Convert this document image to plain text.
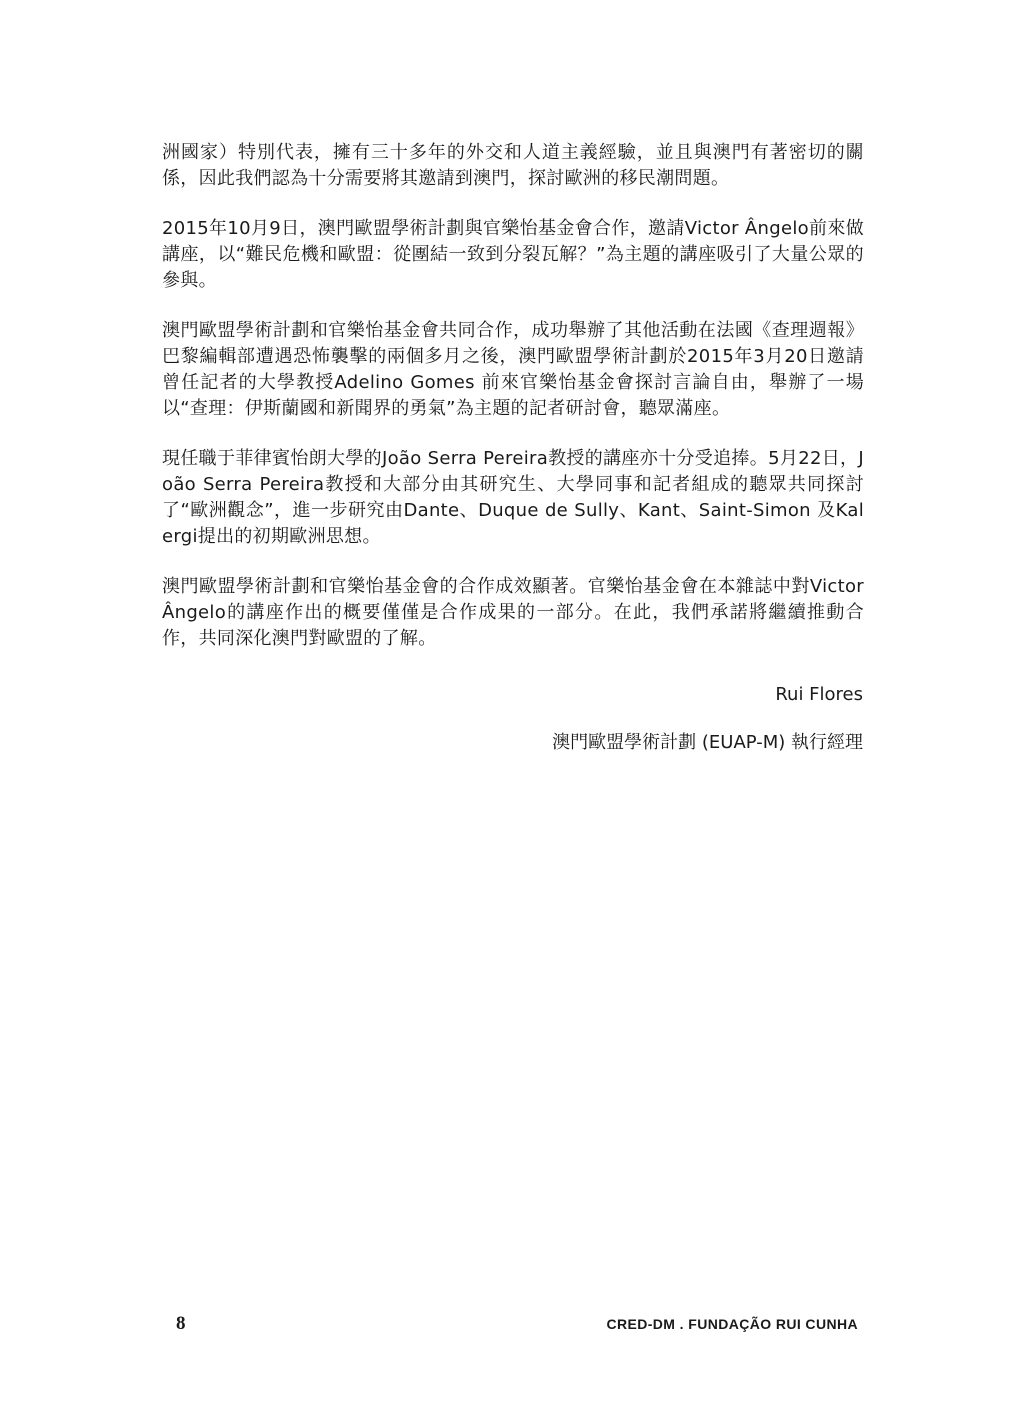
洲國家）特別代表，擁有三十多年的外交和人道主義經驗，並且與澳門有著密切的關係，因此我們認為十分需要將其邀請到澳門，探討歐洲的移民潮問題。

2015年10月9日，澳門歐盟學術計劃與官樂怡基金會合作，邀請Victor Ângelo前來做講座，以“難民危機和歐盟：從團結一致到分裂瓦解？”為主題的講座吸引了大量公眾的參與。

澳門歐盟學術計劃和官樂怡基金會共同合作，成功舉辦了其他活動在法國《查理週報》巴黎編輯部遭遇恐怖襲擊的兩個多月之後，澳門歐盟學術計劃於2015年3月20日邀請曾任記者的大學教授Adelino Gomes 前來官樂怡基金會探討言論自由，舉辦了一場以“查理：伊斯蘭國和新聞界的勇氣”為主題的記者研討會，聽眾滿座。

現任職于菲律賓怡朗大學的João Serra Pereira教授的講座亦十分受追捧。5月22日，João Serra Pereira教授和大部分由其研究生、大學同事和記者組成的聽眾共同探討了“歐洲觀念”，進一步研究由Dante、Duque de Sully、Kant、Saint-Simon 及Kalergi提出的初期歐洲思想。

澳門歐盟學術計劃和官樂怡基金會的合作成效顯著。官樂怡基金會在本雜誌中對Victor Ângelo的講座作出的概要僅僅是合作成果的一部分。在此，我們承諾將繼續推動合作，共同深化澳門對歐盟的了解。

Rui Flores

澳門歐盟學術計劃 (EUAP-M) 執行經理

8	CRED-DM . FUNDAÇÃO RUI CUNHA
